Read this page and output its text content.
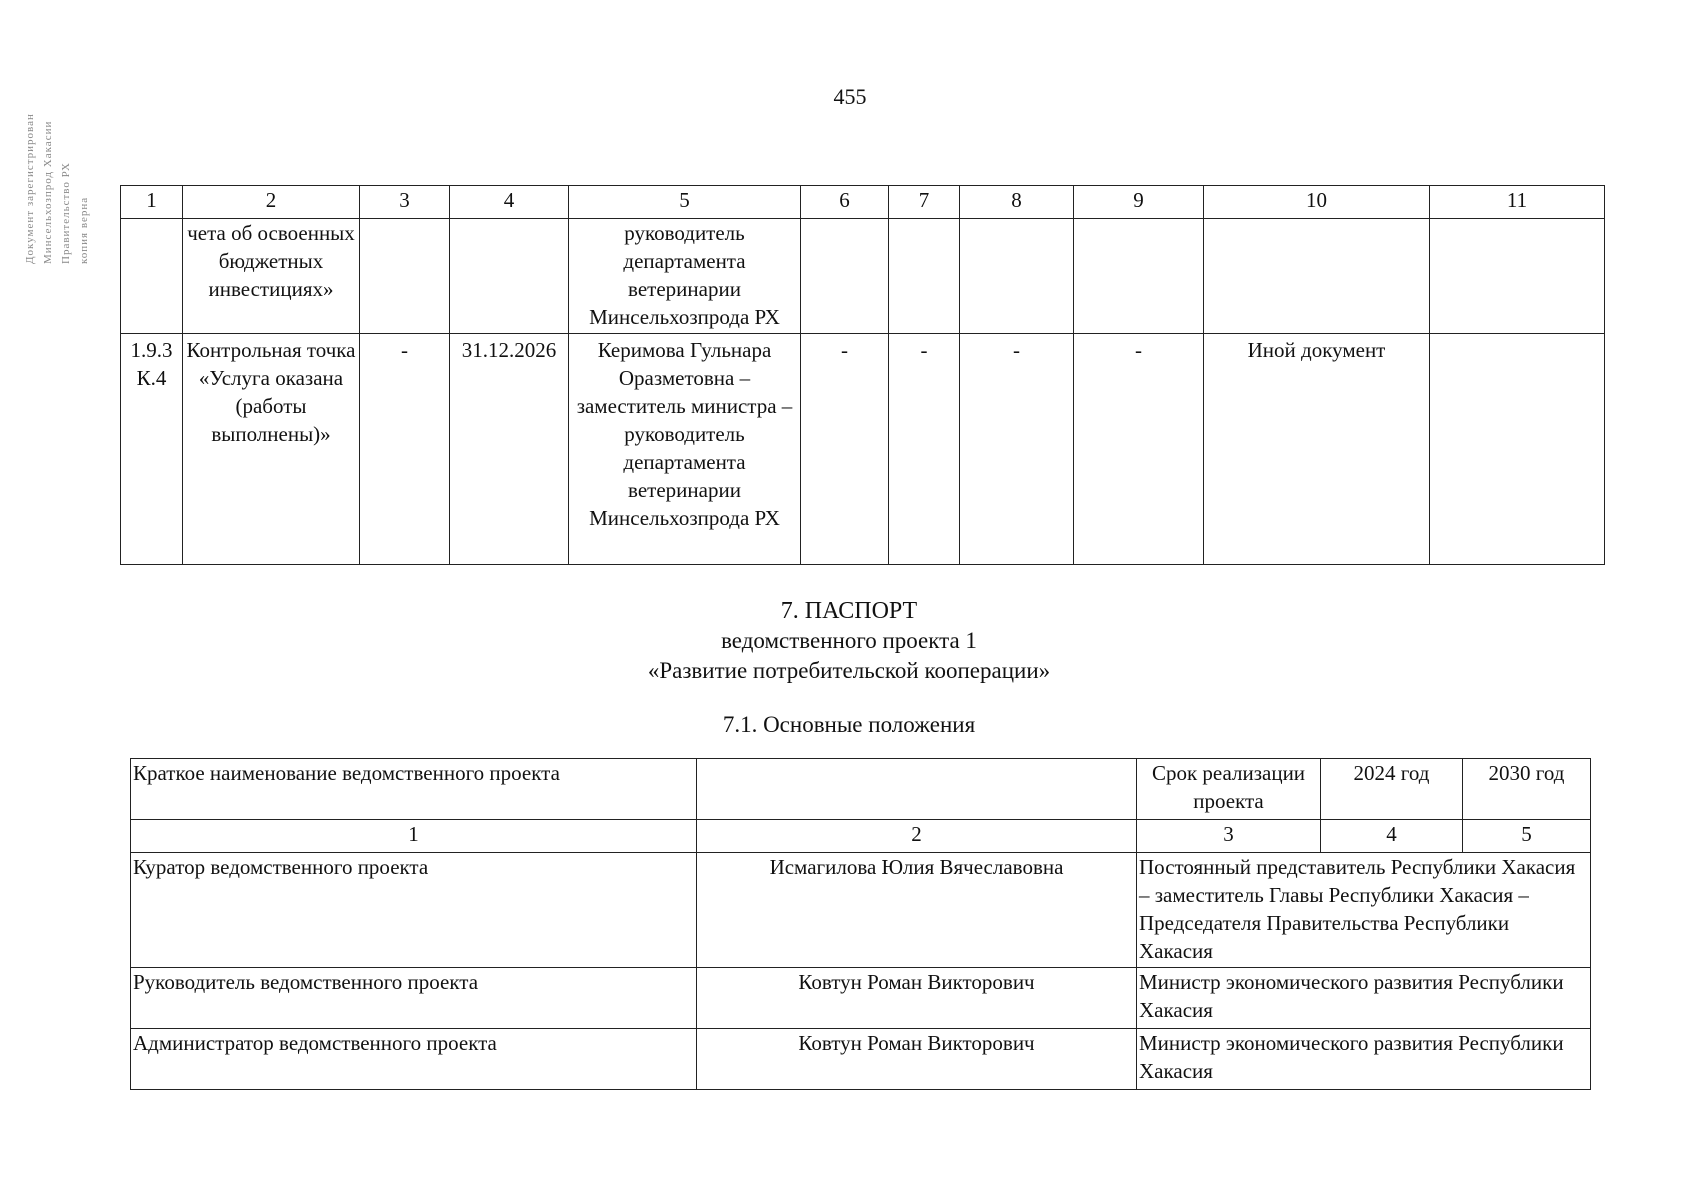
Документ зарегистрирован Минсельхозпрод Хакасии Правительство РХ копия верна
455
1	2	3	4	5	6	7	8	9	10	11
	чета об освоенных бюджетных инвестициях»			руководитель департамента ветеринарии Минсельхозпрода РХ						
1.9.3 К.4	Контрольная точка «Услуга оказана (работы выполнены)»	-	31.12.2026	Керимова Гульнара Оразметовна – заместитель министра – руководитель департамента ветеринарии Минсельхозпрода РХ	-	-	-	-	Иной документ	
7. ПАСПОРТ
ведомственного проекта 1
«Развитие потребительской кооперации»
7.1. Основные положения
Краткое наименование ведомственного проекта		Срок реализации проекта	2024 год	2030 год
1	2	3	4	5
Куратор ведомственного проекта	Исмагилова Юлия Вячеславовна	Постоянный представитель Республики Хакасия – заместитель Главы Республики Хакасия – Председателя Правительства Республики Хакасия		
Руководитель ведомственного проекта	Ковтун Роман Викторович	Министр экономического развития Республики Хакасия		
Администратор ведомственного проекта	Ковтун Роман Викторович	Министр экономического развития Республики Хакасия		
